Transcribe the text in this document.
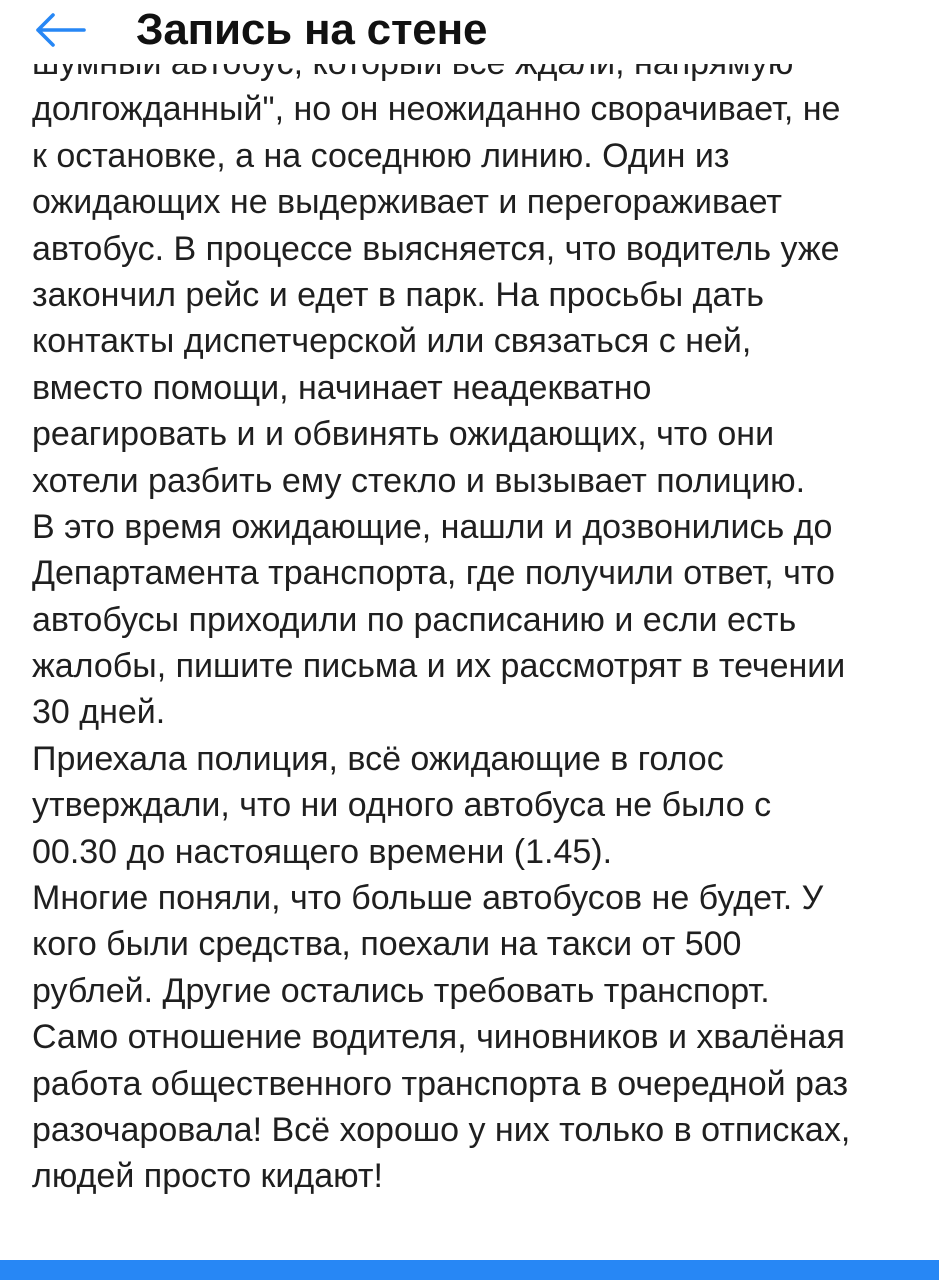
Запись на стене
долгожданный", но он неожиданно сворачивает, не
к остановке, а на соседнюю линию. Один из
ожидающих не выдерживает и перегораживает
автобус. В процессе выясняется, что водитель уже
закончил рейс и едет в парк. На просьбы дать
контакты диспетчерской или связаться с ней,
вместо помощи, начинает неадекватно
реагировать и и обвинять ожидающих, что они
хотели разбить ему стекло и вызывает полицию.
В это время ожидающие, нашли и дозвонились до
Департамента транспорта, где получили ответ, что
автобусы приходили по расписанию и если есть
жалобы, пишите письма и их рассмотрят в течении
30 дней.
Приехала полиция, всё ожидающие в голос
утверждали, что ни одного автобуса не было с
00.30 до настоящего времени (1.45).
Многие поняли, что больше автобусов не будет. У
кого были средства, поехали на такси от 500
рублей. Другие остались требовать транспорт.
Само отношение водителя, чиновников и хвалёная
работа общественного транспорта в очередной раз
разочаровала! Всё хорошо у них только в отписках,
людей просто кидают!
